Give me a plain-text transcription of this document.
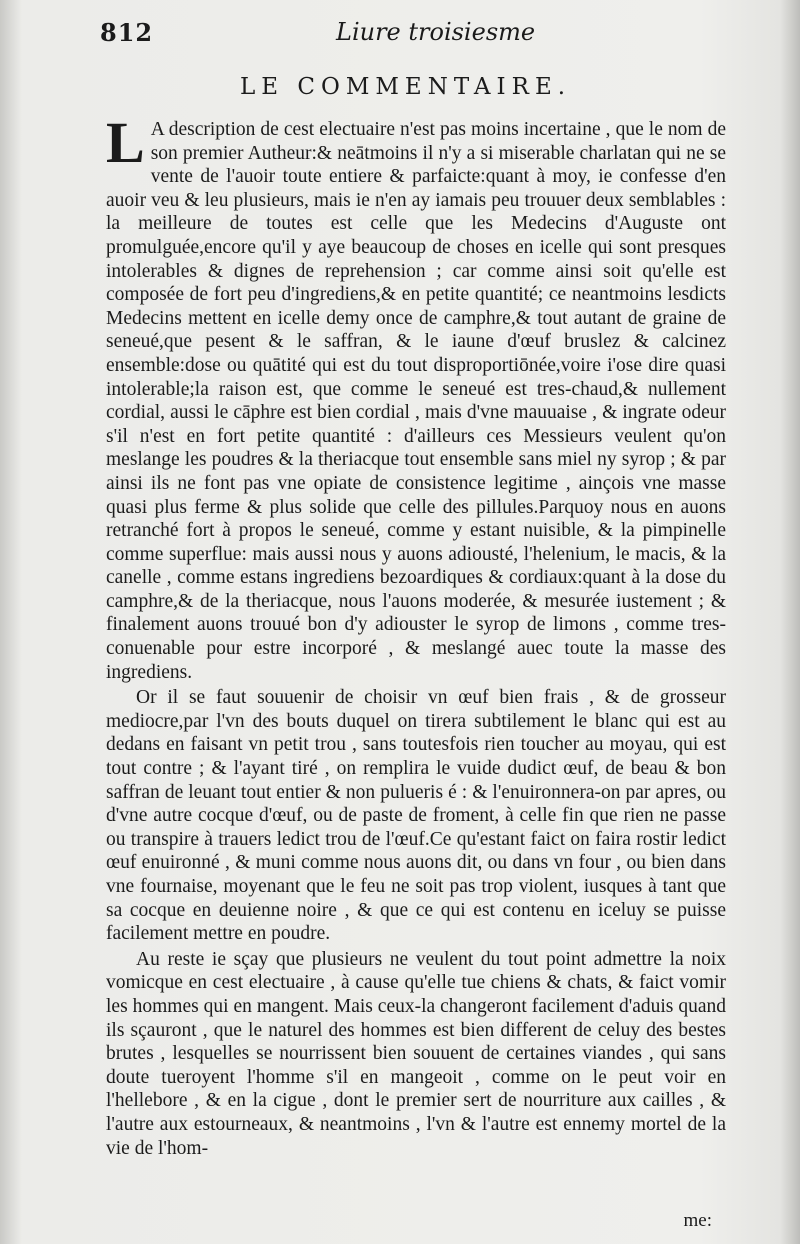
812	Liure troisiesme
LE COMMENTAIRE.

L A description de cest electuaire n'est pas moins incertaine , que le nom de son premier Autheur:& neātmoins il n'y a si miserable charlatan qui ne se vente de l'auoir toute entiere & parfaicte:quant à moy, ie confesse d'en auoir veu & leu plusieurs, mais ie n'en ay iamais peu trouuer deux semblables : la meilleure de toutes est celle que les Medecins d'Auguste ont promulguée,encore qu'il y aye beaucoup de choses en icelle qui sont presques intolerables & dignes de reprehension ; car comme ainsi soit qu'elle est composée de fort peu d'ingrediens,& en petite quantité; ce neantmoins lesdicts Medecins mettent en icelle demy once de camphre,& tout autant de graine de seneué,que pesent & le saffran, & le iaune d'œuf bruslez & calcinez ensemble:dose ou quātité qui est du tout disproportiōnée,voire i'ose dire quasi intolerable;la raison est, que comme le seneué est tres-chaud,& nullement cordial, aussi le cāphre est bien cordial , mais d'vne mauuaise , & ingrate odeur s'il n'est en fort petite quantité : d'ailleurs ces Messieurs veulent qu'on meslange les poudres & la theriacque tout ensemble sans miel ny syrop ; & par ainsi ils ne font pas vne opiate de consistence legitime , ainçois vne masse quasi plus ferme & plus solide que celle des pillules.Parquoy nous en auons retranché fort à propos le seneué, comme y estant nuisible, & la pimpinelle comme superflue: mais aussi nous y auons adiousté, l'helenium, le macis, & la canelle , comme estans ingrediens bezoardiques & cordiaux:quant à la dose du camphre,& de la theriacque, nous l'auons moderée, & mesurée iustement ; & finalement auons trouué bon d'y adiouster le syrop de limons , comme tres-conuenable pour estre incorporé , & meslangé auec toute la masse des ingrediens.

Or il se faut souuenir de choisir vn œuf bien frais , & de grosseur mediocre,par l'vn des bouts duquel on tirera subtilement le blanc qui est au dedans en faisant vn petit trou , sans toutesfois rien toucher au moyau, qui est tout contre ; & l'ayant tiré , on remplira le vuide dudict œuf, de beau & bon saffran de leuant tout entier & non pulueris é : & l'enuironnera-on par apres, ou d'vne autre cocque d'œuf, ou de paste de froment, à celle fin que rien ne passe ou transpire à trauers ledict trou de l'œuf.Ce qu'estant faict on faira rostir ledict œuf enuironné , & muni comme nous auons dit, ou dans vn four , ou bien dans vne fournaise, moyenant que le feu ne soit pas trop violent, iusques à tant que sa cocque en deuienne noire , & que ce qui est contenu en iceluy se puisse facilement mettre en poudre.

Au reste ie sçay que plusieurs ne veulent du tout point admettre la noix vomicque en cest electuaire , à cause qu'elle tue chiens & chats, & faict vomir les hommes qui en mangent. Mais ceux-la changeront facilement d'aduis quand ils sçauront , que le naturel des hommes est bien different de celuy des bestes brutes , lesquelles se nourrissent bien souuent de certaines viandes , qui sans doute tueroyent l'homme s'il en mangeoit , comme on le peut voir en l'hellebore , & en la cigue , dont le premier sert de nourriture aux cailles , & l'autre aux estourneaux, & neantmoins , l'vn & l'autre est ennemy mortel de la vie de l'hom-

me:
